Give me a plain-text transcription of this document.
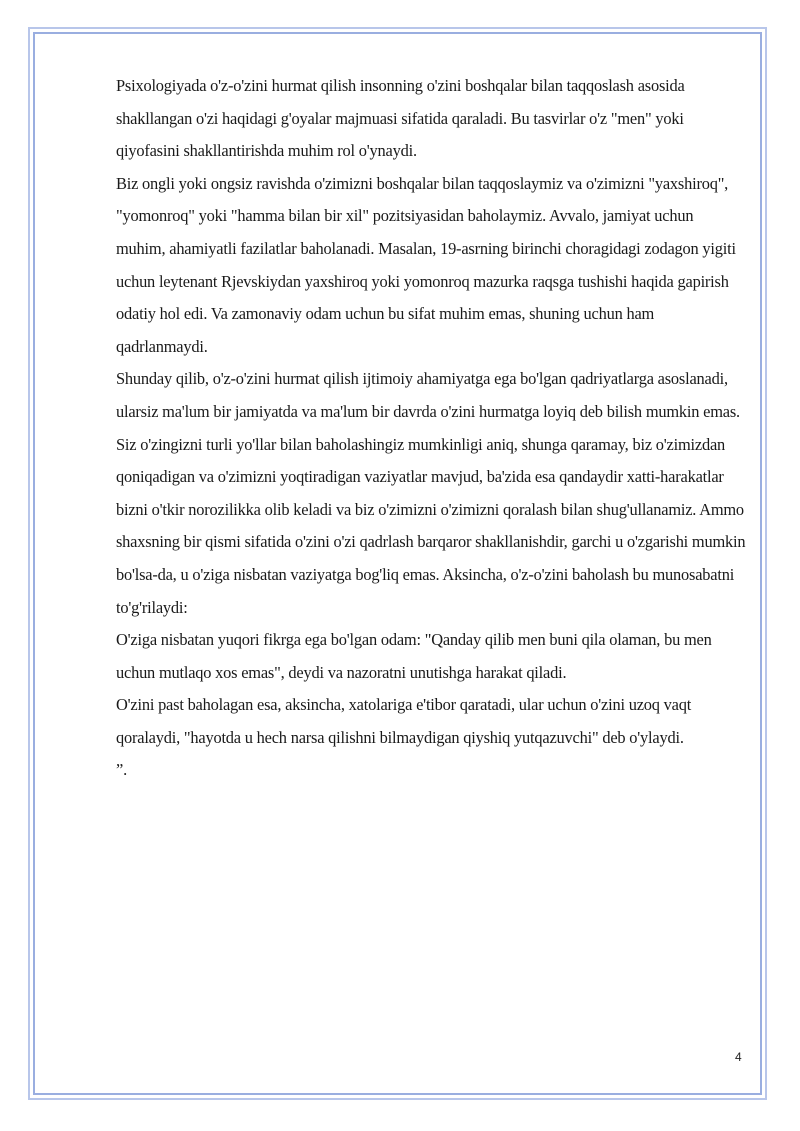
Psixologiyada o'z-o'zini hurmat qilish insonning o'zini boshqalar bilan taqqoslash asosida shakllangan o'zi haqidagi g'oyalar majmuasi sifatida qaraladi. Bu tasvirlar o'z "men" yoki qiyofasini shakllantirishda muhim rol o'ynaydi.

Biz ongli yoki ongsiz ravishda o'zimizni boshqalar bilan taqqoslaymiz va o'zimizni "yaxshiroq", "yomonroq" yoki "hamma bilan bir xil" pozitsiyasidan baholaymiz. Avvalo, jamiyat uchun muhim, ahamiyatli fazilatlar baholanadi. Masalan, 19-asrning birinchi choragidagi zodagon yigiti uchun leytenant Rjevskiydan yaxshiroq yoki yomonroq mazurka raqsga tushishi haqida gapirish odatiy hol edi. Va zamonaviy odam uchun bu sifat muhim emas, shuning uchun ham qadrlanmaydi.

Shunday qilib, o'z-o'zini hurmat qilish ijtimoiy ahamiyatga ega bo'lgan qadriyatlarga asoslanadi, ularsiz ma'lum bir jamiyatda va ma'lum bir davrda o'zini hurmatga loyiq deb bilish mumkin emas.

Siz o'zingizni turli yo'llar bilan baholashingiz mumkinligi aniq, shunga qaramay, biz o'zimizdan qoniqadigan va o'zimizni yoqtiradigan vaziyatlar mavjud, ba'zida esa qandaydir xatti-harakatlar bizni o'tkir norozilikka olib keladi va biz o'zimizni o'zimizni qoralash bilan shug'ullanamiz. Ammo shaxsning bir qismi sifatida o'zini o'zi qadrlash barqaror shakllanishdir, garchi u o'zgarishi mumkin bo'lsa-da, u o'ziga nisbatan vaziyatga bog'liq emas. Aksincha, o'z-o'zini baholash bu munosabatni to'g'rilaydi:

O'ziga nisbatan yuqori fikrga ega bo'lgan odam: "Qanday qilib men buni qila olaman, bu men uchun mutlaqo xos emas", deydi va nazoratni unutishga harakat qiladi.

O'zini past baholagan esa, aksincha, xatolariga e'tibor qaratadi, ular uchun o'zini uzoq vaqt qoralaydi, "hayotda u hech narsa qilishni bilmaydigan qiyshiq yutqazuvchi" deb o'ylaydi.

”.

4
